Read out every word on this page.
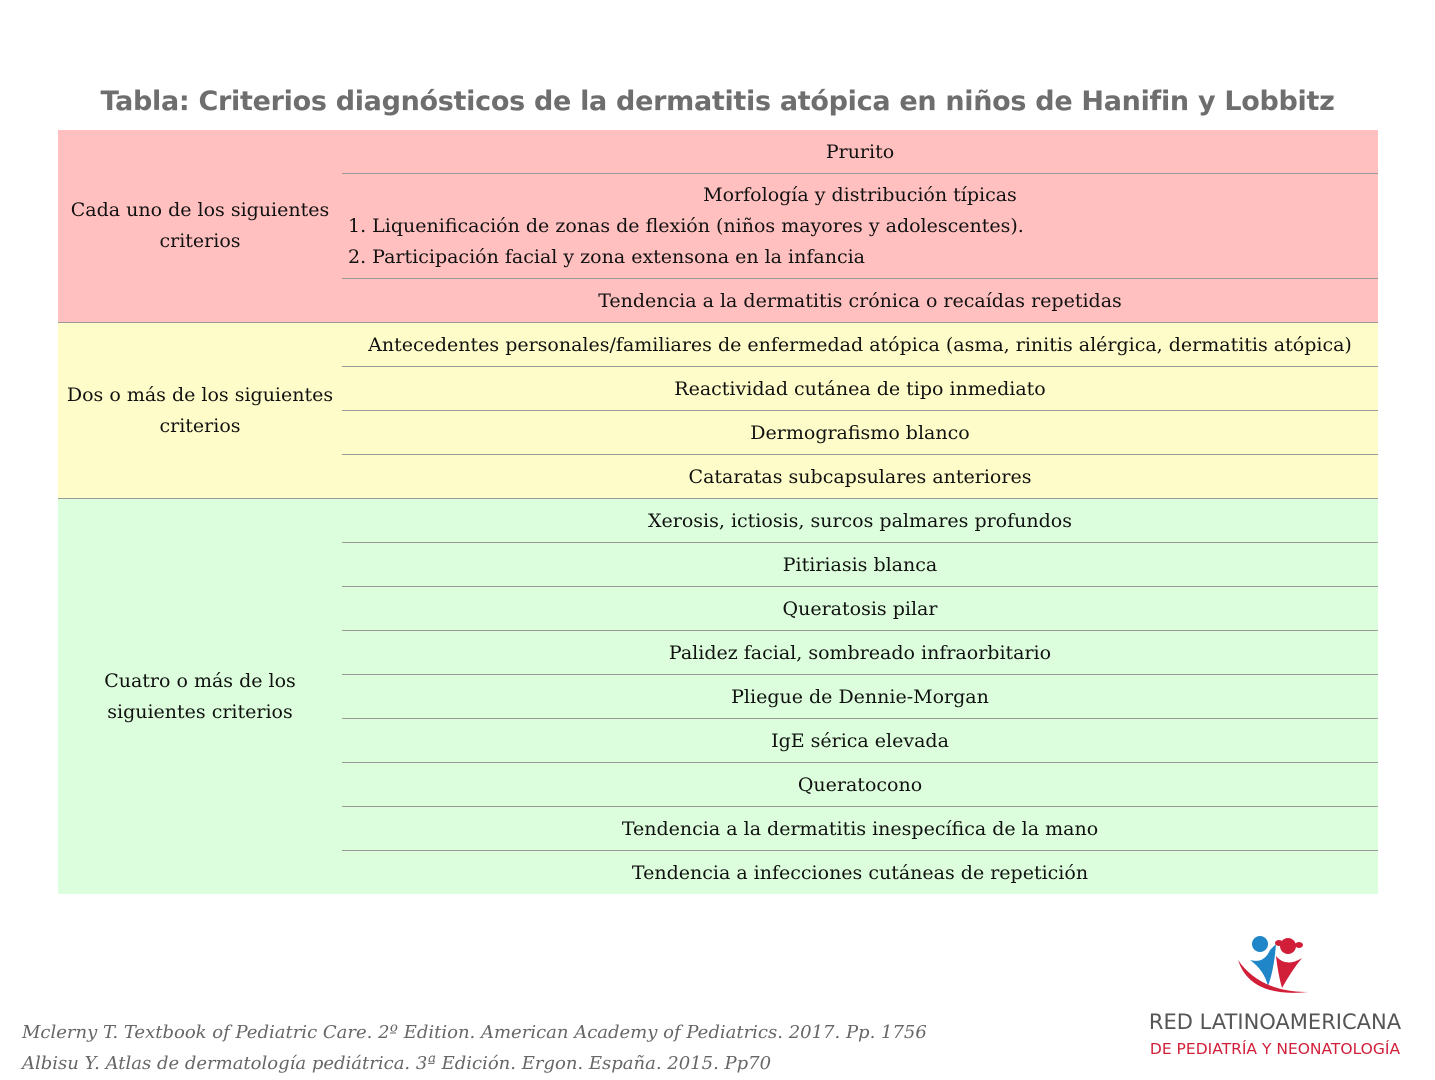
Tabla: Criterios diagnósticos de la dermatitis atópica en niños de Hanifin y Lobbitz
Cada uno de los siguientes criterios
Prurito
Morfología y distribución típicas
1. Liquenificación de zonas de flexión (niños mayores y adolescentes).
2. Participación facial y zona extensona en la infancia
Tendencia a la dermatitis crónica o recaídas repetidas
Dos o más de los siguientes criterios
Antecedentes personales/familiares de enfermedad atópica (asma, rinitis alérgica, dermatitis atópica)
Reactividad cutánea de tipo inmediato
Dermografismo blanco
Cataratas subcapsulares anteriores
Cuatro o más de los siguientes criterios
Xerosis, ictiosis, surcos palmares profundos
Pitiriasis blanca
Queratosis pilar
Palidez facial, sombreado infraorbitario
Pliegue de Dennie-Morgan
IgE sérica elevada
Queratocono
Tendencia a la dermatitis inespecífica de la mano
Tendencia a infecciones cutáneas de repetición
Mclerny T. Textbook of Pediatric Care. 2º Edition. American Academy of Pediatrics. 2017. Pp. 1756
Albisu Y. Atlas de dermatología pediátrica. 3ª Edición. Ergon. España. 2015. Pp70
RED LATINOAMERICANA
DE PEDIATRÍA Y NEONATOLOGÍA
